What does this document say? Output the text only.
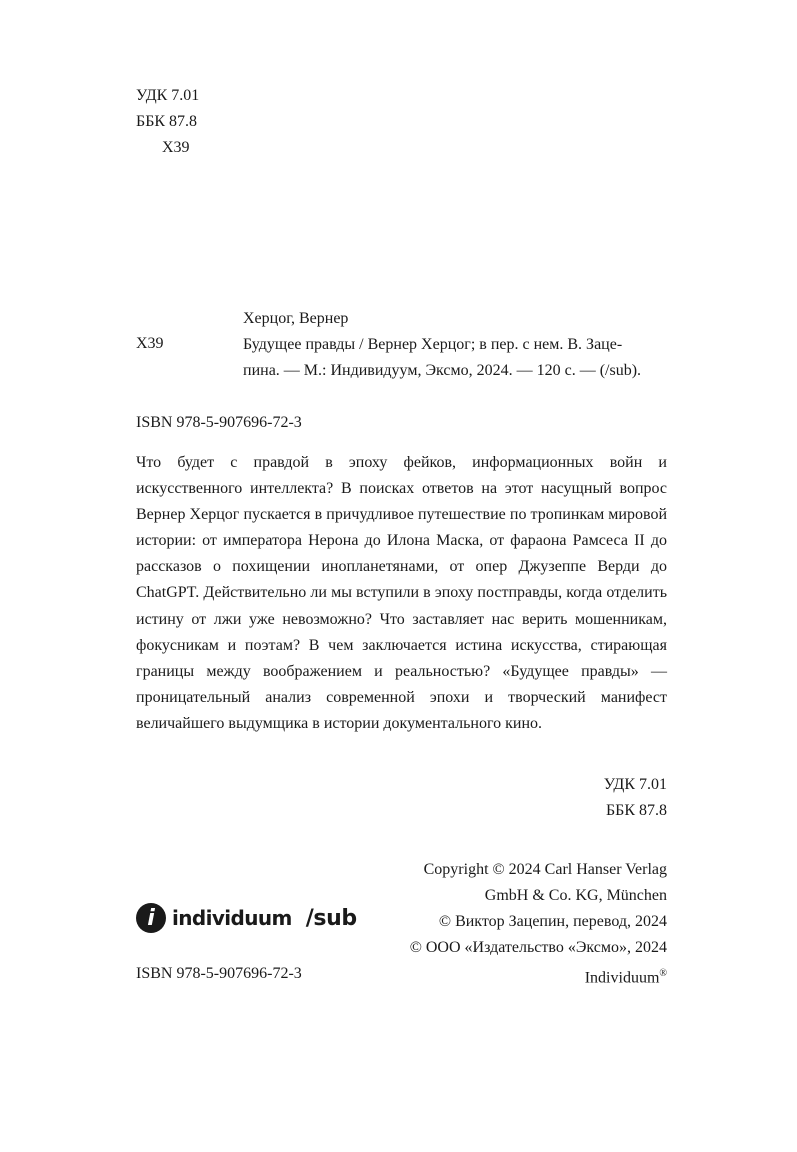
УДК 7.01
ББК 87.8
Х39
Х39
Херцог, Вернер
Будущее правды / Вернер Херцог; в пер. с нем. В. Заце-
пина. — М.: Индивидуум, Эксмо, 2024. — 120 с. — (/sub).
ISBN 978-5-907696-72-3
Что будет с правдой в эпоху фейков, информационных войн и искусственного интеллекта? В поисках ответов на этот насущный вопрос Вернер Херцог пускается в причудливое путешествие по тропинкам мировой истории: от императора Нерона до Илона Маска, от фараона Рамсеса II до рассказов о похищении инопланетянами, от опер Джузеппе Верди до ChatGPT. Действительно ли мы вступили в эпоху постправды, когда отделить истину от лжи уже невозможно? Что заставляет нас верить мошенникам, фокусникам и поэтам? В чем заключается истина искусства, стирающая границы между воображением и реальностью? «Будущее правды» — проницательный анализ современной эпохи и творческий манифест величайшего выдумщика в истории документального кино.
УДК 7.01
ББК 87.8
i individuum /sub
Copyright © 2024 Carl Hanser Verlag
GmbH & Co. KG, München
© Виктор Зацепин, перевод, 2024
© ООО «Издательство «Эксмо», 2024
Individuum®
ISBN 978-5-907696-72-3
